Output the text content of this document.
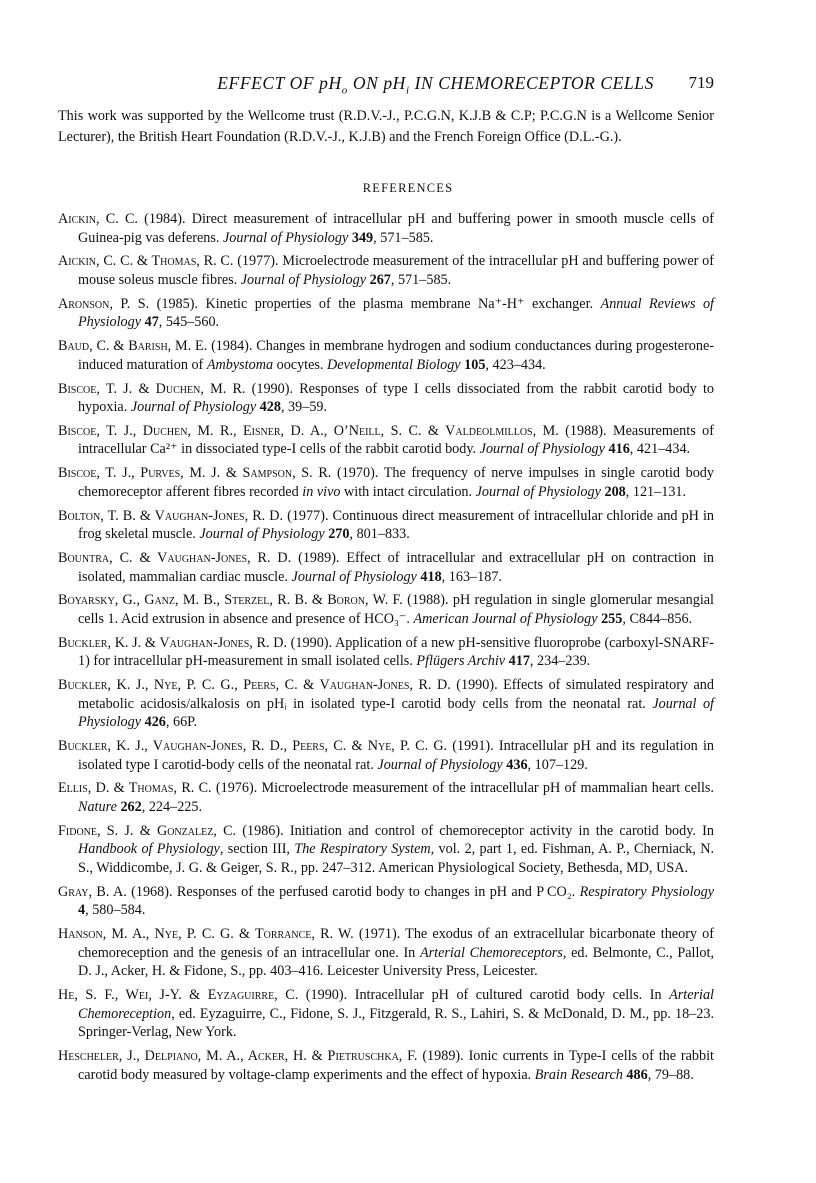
EFFECT OF $pH_o$ ON $pH_i$ IN CHEMORECEPTOR CELLS 719
This work was supported by the Wellcome trust (R.D.V.-J., P.C.G.N, K.J.B & C.P; P.C.G.N is a Wellcome Senior Lecturer), the British Heart Foundation (R.D.V.-J., K.J.B) and the French Foreign Office (D.L.-G.).
REFERENCES
Aickin, C. C. (1984). Direct measurement of intracellular pH and buffering power in smooth muscle cells of Guinea-pig vas deferens. Journal of Physiology 349, 571–585.
Aickin, C. C. & Thomas, R. C. (1977). Microelectrode measurement of the intracellular pH and buffering power of mouse soleus muscle fibres. Journal of Physiology 267, 571–585.
Aronson, P. S. (1985). Kinetic properties of the plasma membrane Na⁺-H⁺ exchanger. Annual Reviews of Physiology 47, 545–560.
Baud, C. & Barish, M. E. (1984). Changes in membrane hydrogen and sodium conductances during progesterone-induced maturation of Ambystoma oocytes. Developmental Biology 105, 423–434.
Biscoe, T. J. & Duchen, M. R. (1990). Responses of type I cells dissociated from the rabbit carotid body to hypoxia. Journal of Physiology 428, 39–59.
Biscoe, T. J., Duchen, M. R., Eisner, D. A., O’Neill, S. C. & Valdeolmillos, M. (1988). Measurements of intracellular Ca²⁺ in dissociated type-I cells of the rabbit carotid body. Journal of Physiology 416, 421–434.
Biscoe, T. J., Purves, M. J. & Sampson, S. R. (1970). The frequency of nerve impulses in single carotid body chemoreceptor afferent fibres recorded in vivo with intact circulation. Journal of Physiology 208, 121–131.
Bolton, T. B. & Vaughan-Jones, R. D. (1977). Continuous direct measurement of intracellular chloride and pH in frog skeletal muscle. Journal of Physiology 270, 801–833.
Bountra, C. & Vaughan-Jones, R. D. (1989). Effect of intracellular and extracellular pH on contraction in isolated, mammalian cardiac muscle. Journal of Physiology 418, 163–187.
Boyarsky, G., Ganz, M. B., Sterzel, R. B. & Boron, W. F. (1988). pH regulation in single glomerular mesangial cells 1. Acid extrusion in absence and presence of HCO₃⁻. American Journal of Physiology 255, C844–856.
Buckler, K. J. & Vaughan-Jones, R. D. (1990). Application of a new pH-sensitive fluoroprobe (carboxyl-SNARF-1) for intracellular pH-measurement in small isolated cells. Pflügers Archiv 417, 234–239.
Buckler, K. J., Nye, P. C. G., Peers, C. & Vaughan-Jones, R. D. (1990). Effects of simulated respiratory and metabolic acidosis/alkalosis on pHᵢ in isolated type-I carotid body cells from the neonatal rat. Journal of Physiology 426, 66P.
Buckler, K. J., Vaughan-Jones, R. D., Peers, C. & Nye, P. C. G. (1991). Intracellular pH and its regulation in isolated type I carotid-body cells of the neonatal rat. Journal of Physiology 436, 107–129.
Ellis, D. & Thomas, R. C. (1976). Microelectrode measurement of the intracellular pH of mammalian heart cells. Nature 262, 224–225.
Fidone, S. J. & Gonzalez, C. (1986). Initiation and control of chemoreceptor activity in the carotid body. In Handbook of Physiology, section III, The Respiratory System, vol. 2, part 1, ed. Fishman, A. P., Cherniack, N. S., Widdicombe, J. G. & Geiger, S. R., pp. 247–312. American Physiological Society, Bethesda, MD, USA.
Gray, B. A. (1968). Responses of the perfused carotid body to changes in pH and P CO₂. Respiratory Physiology 4, 580–584.
Hanson, M. A., Nye, P. C. G. & Torrance, R. W. (1971). The exodus of an extracellular bicarbonate theory of chemoreception and the genesis of an intracellular one. In Arterial Chemoreceptors, ed. Belmonte, C., Pallot, D. J., Acker, H. & Fidone, S., pp. 403–416. Leicester University Press, Leicester.
He, S. F., Wei, J-Y. & Eyzaguirre, C. (1990). Intracellular pH of cultured carotid body cells. In Arterial Chemoreception, ed. Eyzaguirre, C., Fidone, S. J., Fitzgerald, R. S., Lahiri, S. & McDonald, D. M., pp. 18–23. Springer-Verlag, New York.
Hescheler, J., Delpiano, M. A., Acker, H. & Pietruschka, F. (1989). Ionic currents in Type-I cells of the rabbit carotid body measured by voltage-clamp experiments and the effect of hypoxia. Brain Research 486, 79–88.
